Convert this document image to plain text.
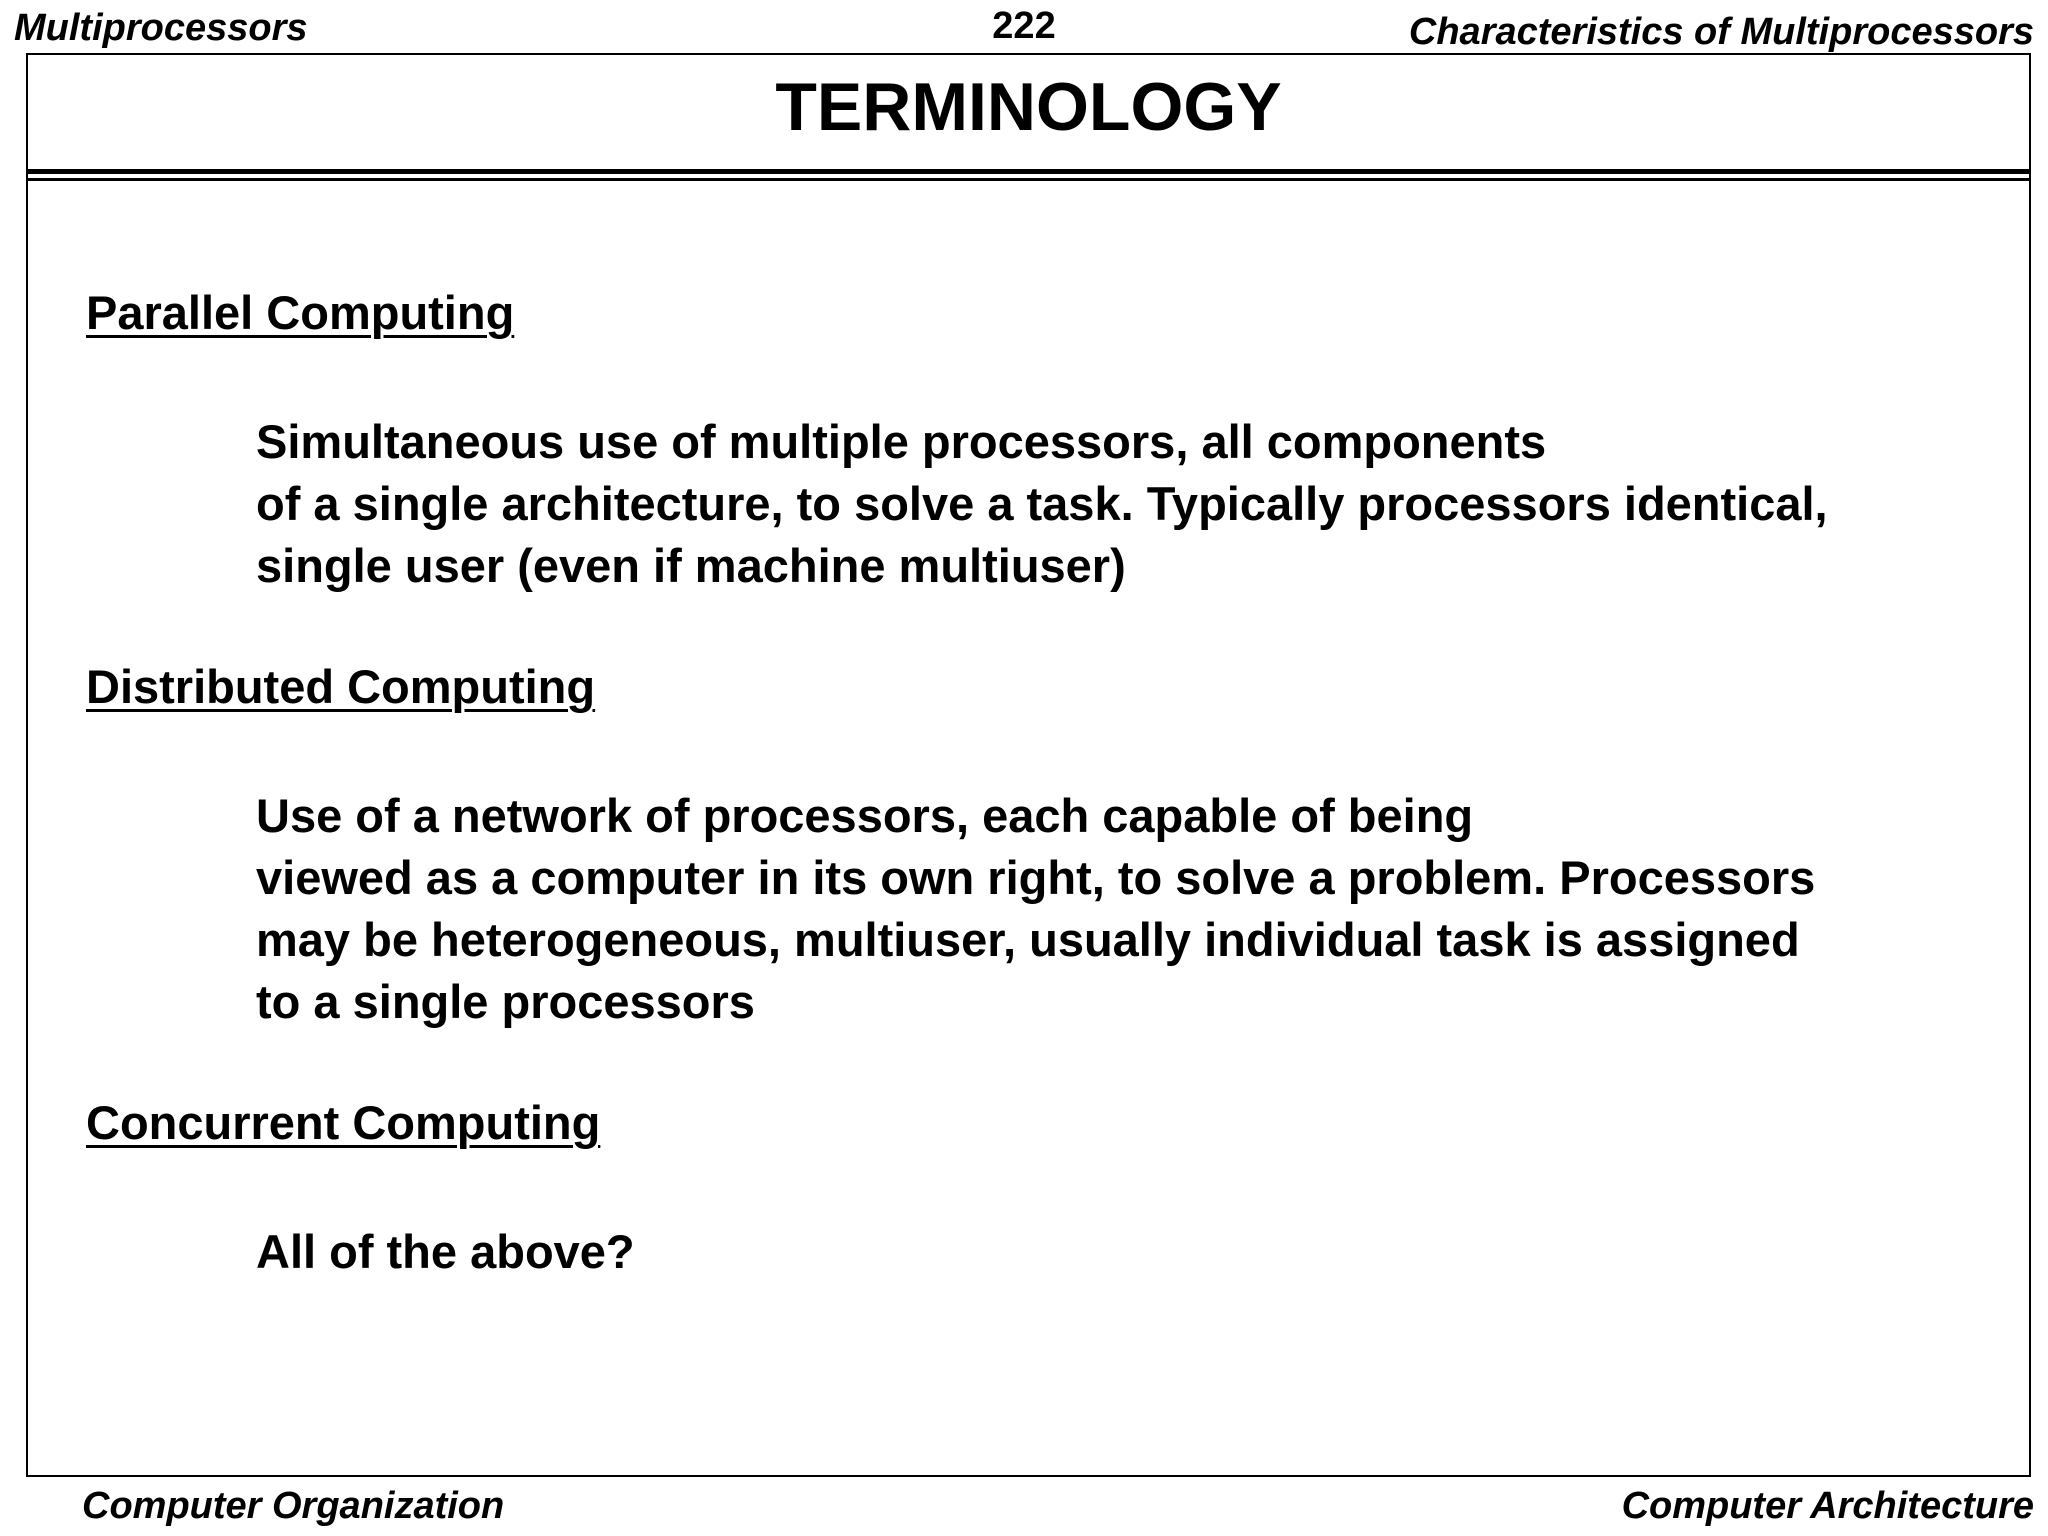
222
Multiprocessors	Characteristics of Multiprocessors
TERMINOLOGY
Parallel Computing
Simultaneous use of multiple processors, all components
of a single architecture, to solve a task. Typically processors identical,
single user (even if machine multiuser)
Distributed Computing
Use of a network of processors, each capable of being
viewed as a computer in its own right, to solve a problem. Processors
may be heterogeneous, multiuser, usually individual task is assigned
to a single processors
Concurrent Computing
All of the above?
Computer Organization	Computer Architecture
